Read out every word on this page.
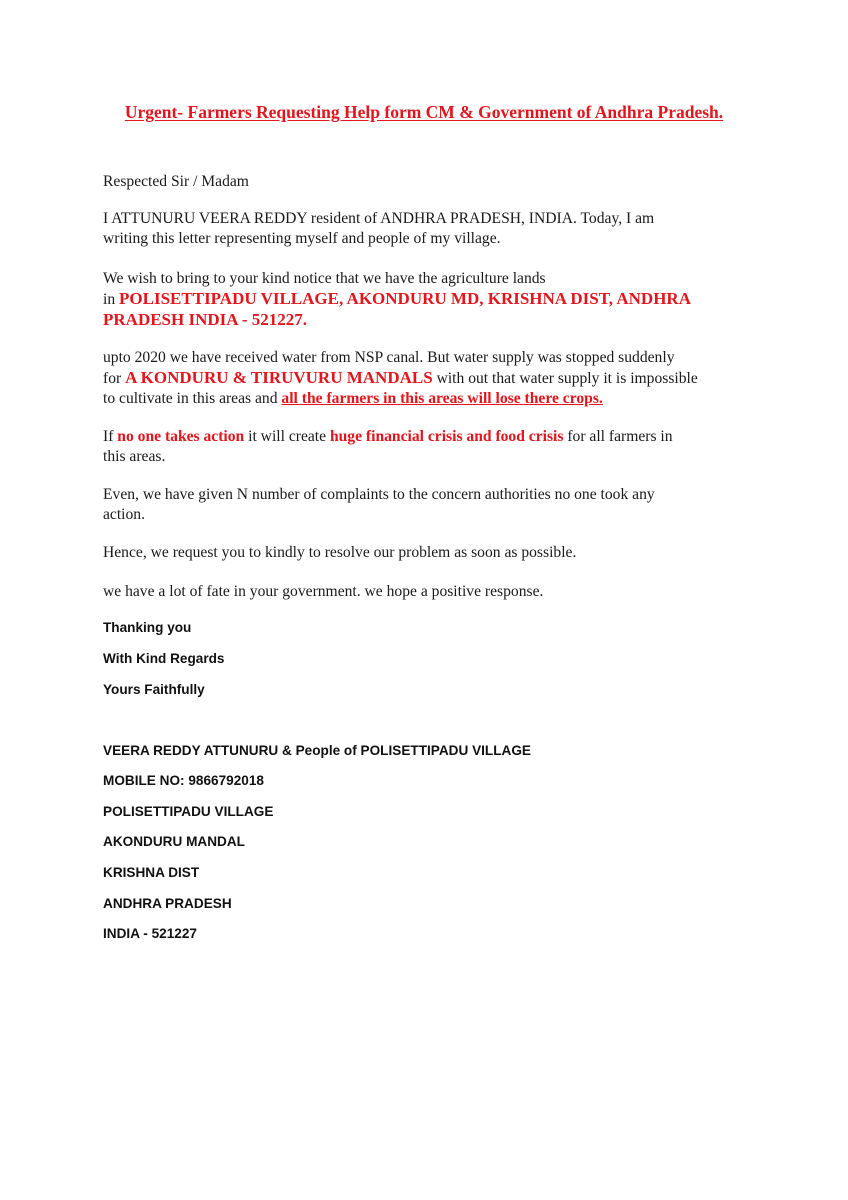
Urgent- Farmers Requesting Help form CM & Government of Andhra Pradesh.

Respected Sir / Madam

I ATTUNURU VEERA REDDY resident of ANDHRA PRADESH, INDIA. Today, I am
writing this letter representing myself and people of my village.
We wish to bring to your kind notice that we have the agriculture lands
in POLISETTIPADU VILLAGE, AKONDURU MD, KRISHNA DIST, ANDHRA
PRADESH INDIA - 521227.
upto 2020 we have received water from NSP canal. But water supply was stopped suddenly
for A KONDURU & TIRUVURU MANDALS with out that water supply it is impossible
to cultivate in this areas and all the farmers in this areas will lose there crops.
If no one takes action it will create huge financial crisis and food crisis for all farmers in
this areas.
Even, we have given N number of complaints to the concern authorities no one took any
action.

Hence, we request you to kindly to resolve our problem as soon as possible.

we have a lot of fate in your government. we hope a positive response.

Thanking you

With Kind Regards

Yours Faithfully

VEERA REDDY ATTUNURU & People of POLISETTIPADU VILLAGE

MOBILE NO: 9866792018

POLISETTIPADU VILLAGE

AKONDURU MANDAL

KRISHNA DIST

ANDHRA PRADESH

INDIA - 521227
